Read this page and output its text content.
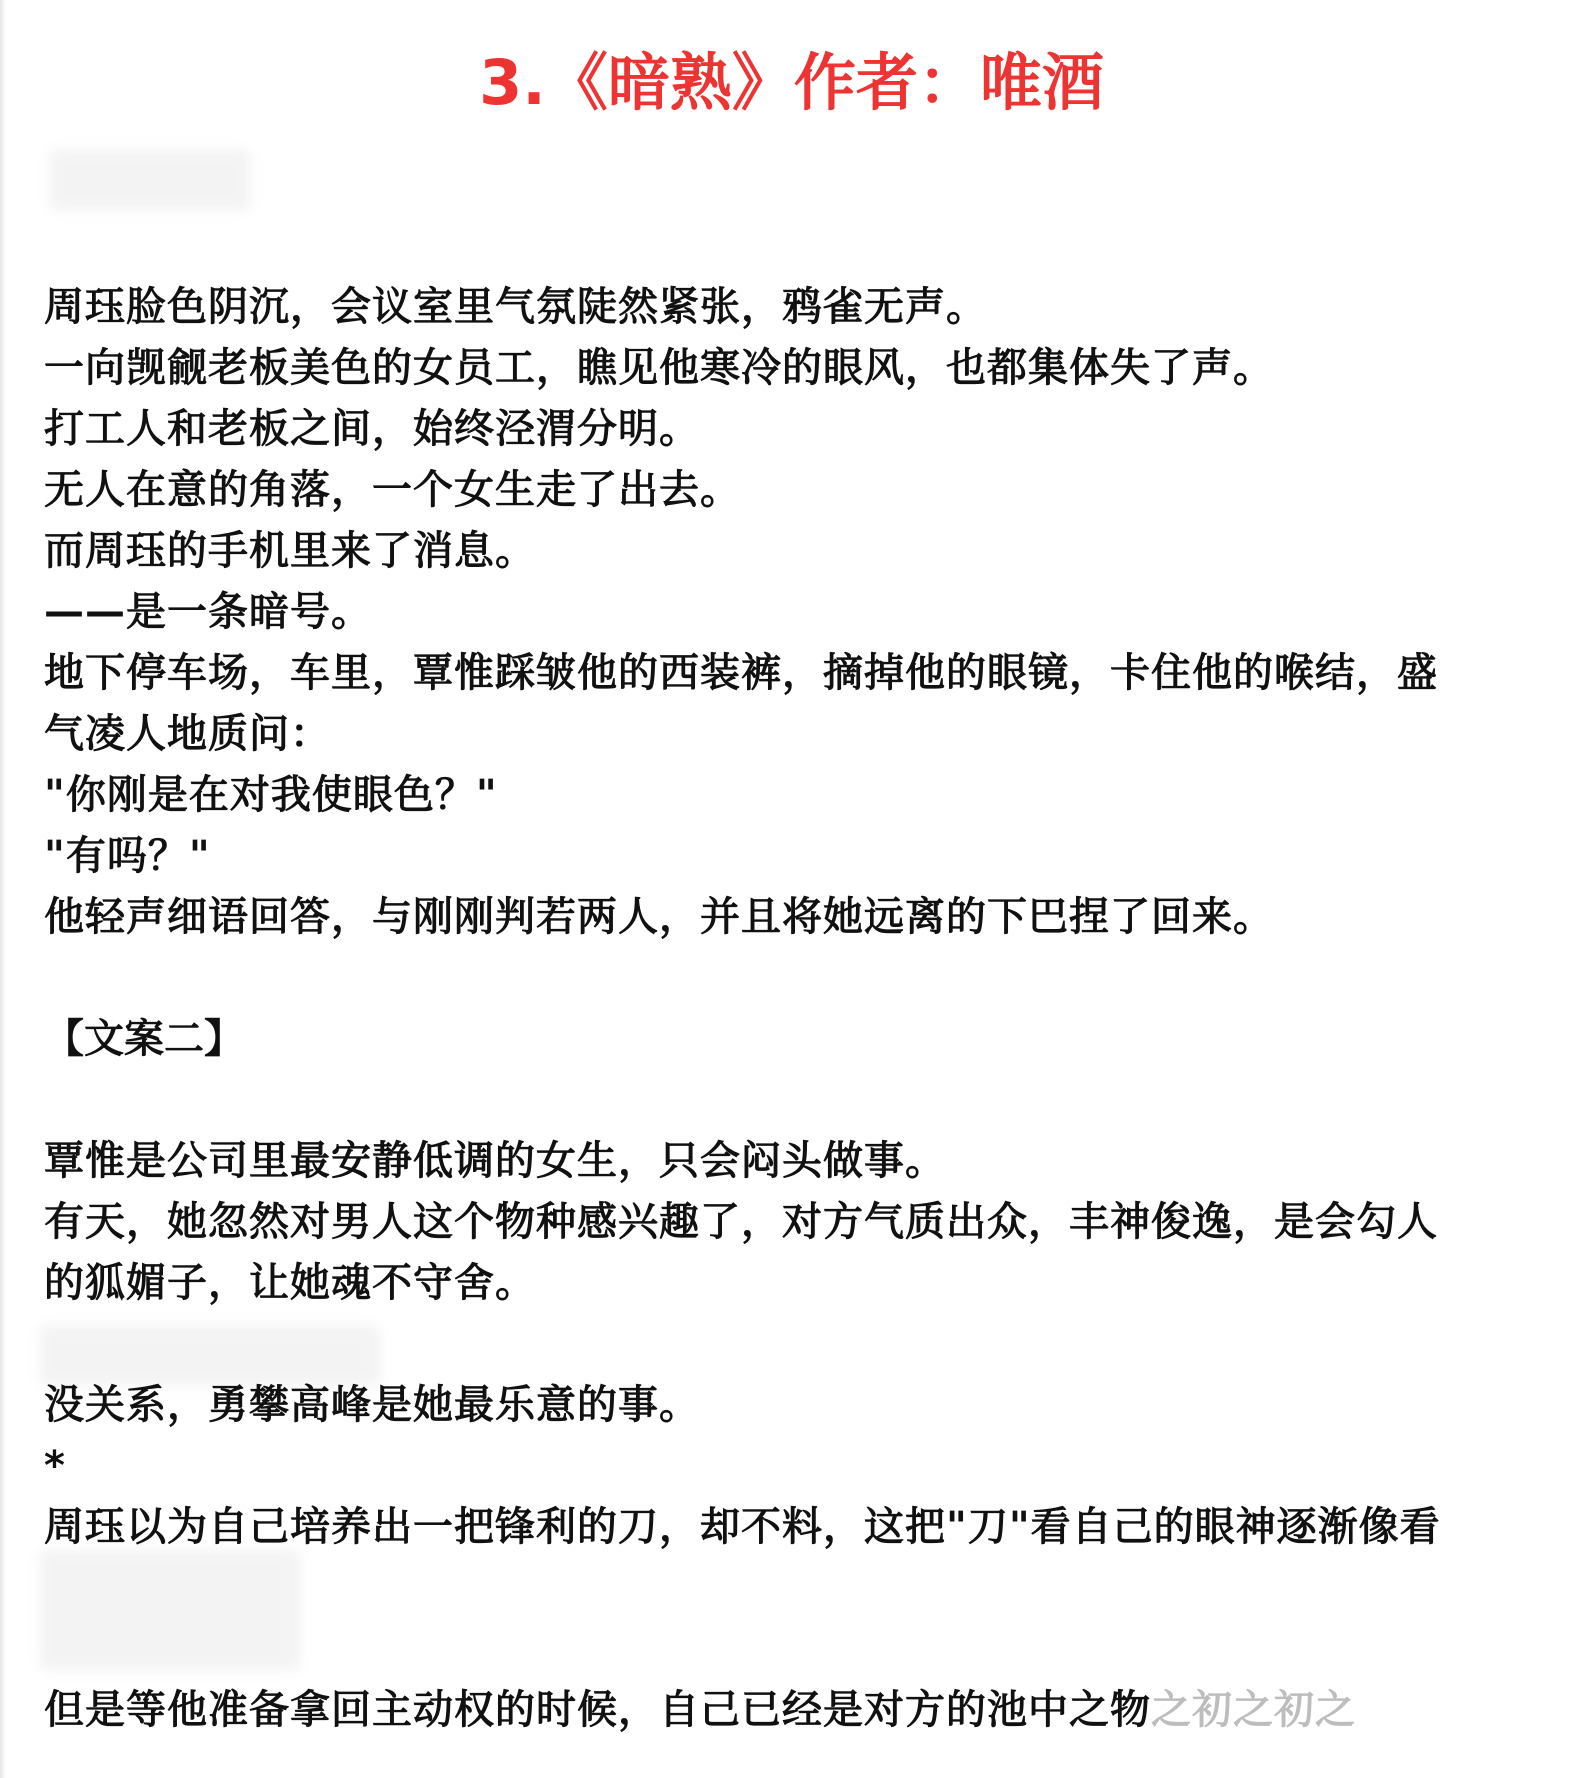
3.《暗熟》作者：唯酒
周珏脸色阴沉，会议室里气氛陡然紧张，鸦雀无声。
一向觊觎老板美色的女员工，瞧见他寒冷的眼风，也都集体失了声。
打工人和老板之间，始终泾渭分明。
无人在意的角落，一个女生走了出去。
而周珏的手机里来了消息。
——是一条暗号。
地下停车场，车里，覃惟踩皱他的西装裤，摘掉他的眼镜，卡住他的喉结，盛
气凌人地质问：
"你刚是在对我使眼色？"
"有吗？"
他轻声细语回答，与刚刚判若两人，并且将她远离的下巴捏了回来。
【文案二】
覃惟是公司里最安静低调的女生，只会闷头做事。
有天，她忽然对男人这个物种感兴趣了，对方气质出众，丰神俊逸，是会勾人
的狐媚子，让她魂不守舍。
没关系，勇攀高峰是她最乐意的事。
*
周珏以为自己培养出一把锋利的刀，却不料，这把"刀"看自己的眼神逐渐像看
但是等他准备拿回主动权的时候，自己已经是对方的池中之物之初之初之
